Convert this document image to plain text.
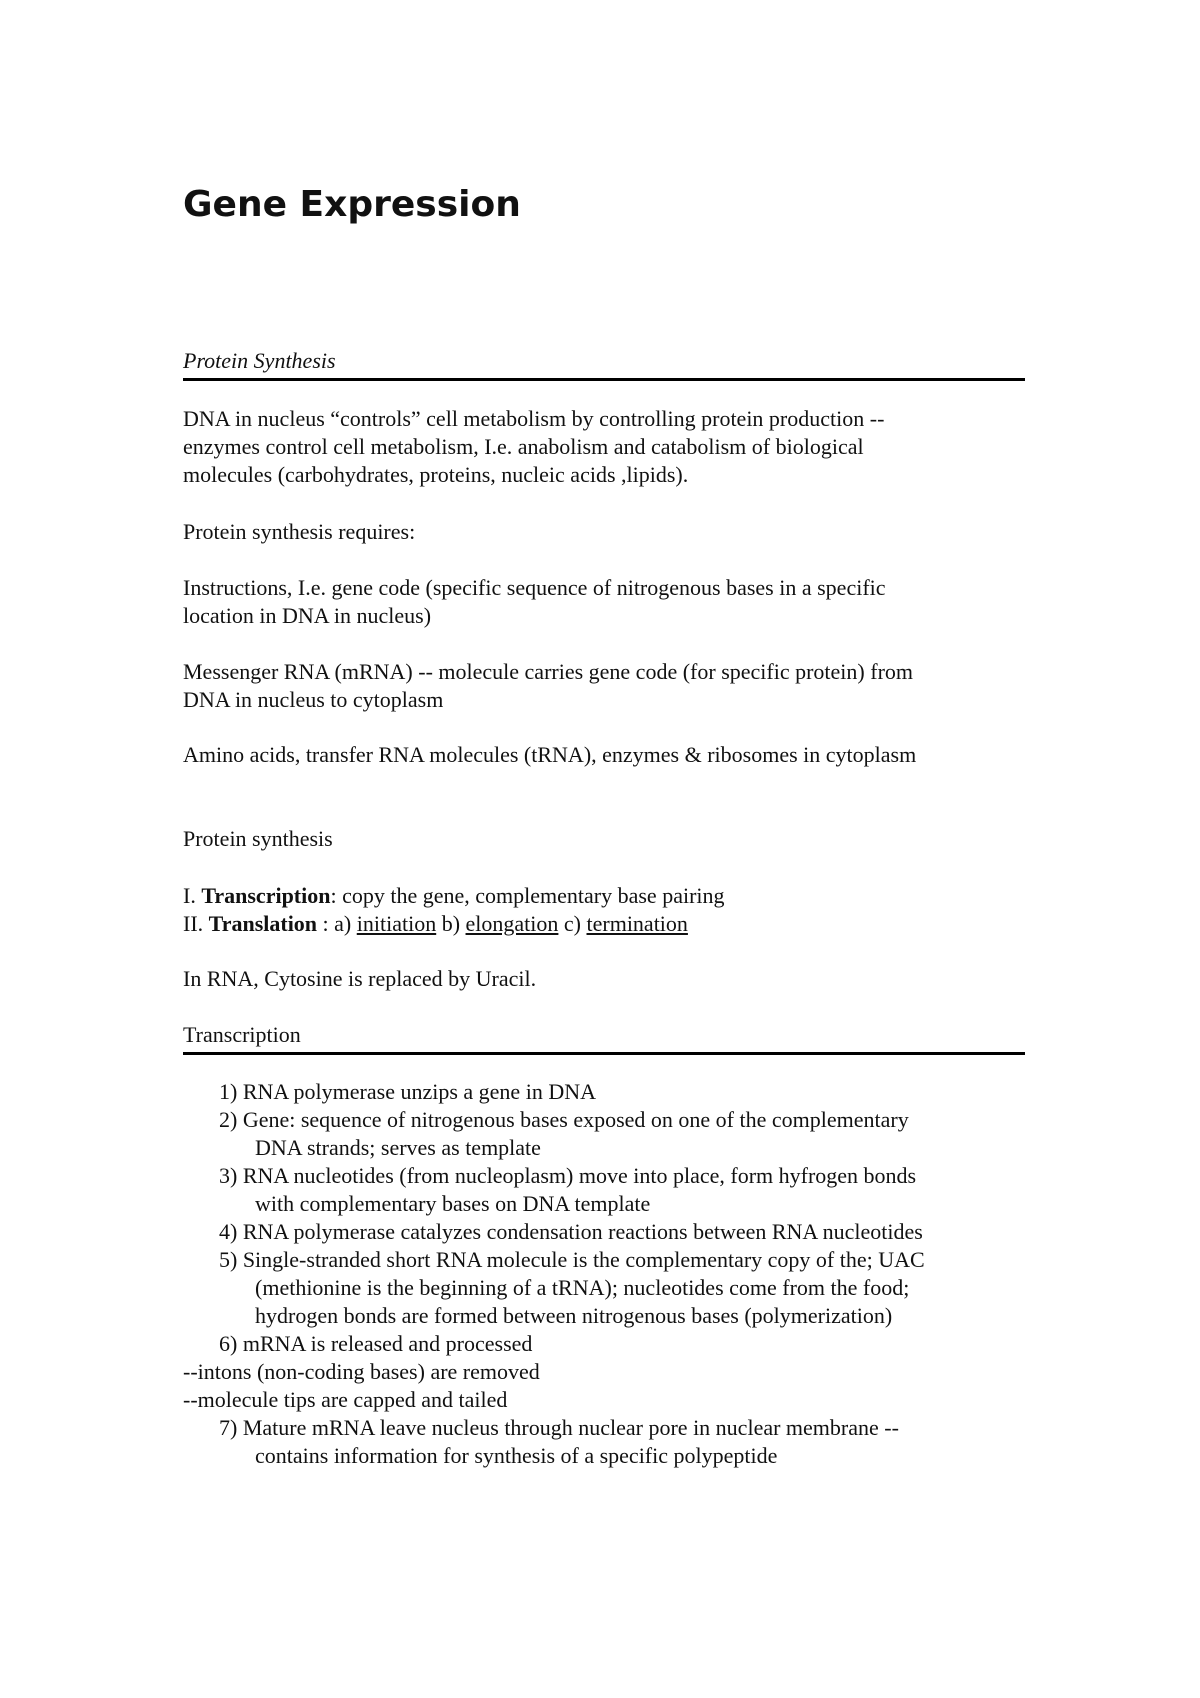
Gene Expression
Protein Synthesis

DNA in nucleus “controls” cell metabolism by controlling protein production --
enzymes control cell metabolism, I.e. anabolism and catabolism of biological
molecules (carbohydrates, proteins, nucleic acids ,lipids).

Protein synthesis requires:

Instructions, I.e. gene code (specific sequence of nitrogenous bases in a specific
location in DNA in nucleus)

Messenger RNA (mRNA) -- molecule carries gene code (for specific protein) from
DNA in nucleus to cytoplasm

Amino acids, transfer RNA molecules (tRNA), enzymes & ribosomes in cytoplasm

Protein synthesis

I. Transcription: copy the gene, complementary base pairing
II. Translation : a) initiation b) elongation c) termination

In RNA, Cytosine is replaced by Uracil.

Transcription
1) RNA polymerase unzips a gene in DNA
2) Gene: sequence of nitrogenous bases exposed on one of the complementary
DNA strands; serves as template
3) RNA nucleotides (from nucleoplasm) move into place, form hyfrogen bonds
with complementary bases on DNA template
4) RNA polymerase catalyzes condensation reactions between RNA nucleotides
5) Single-stranded short RNA molecule is the complementary copy of the; UAC
(methionine is the beginning of a tRNA); nucleotides come from the food;
hydrogen bonds are formed between nitrogenous bases (polymerization)
6) mRNA is released and processed
--intons (non-coding bases) are removed
--molecule tips are capped and tailed
7) Mature mRNA leave nucleus through nuclear pore in nuclear membrane --
contains information for synthesis of a specific polypeptide
